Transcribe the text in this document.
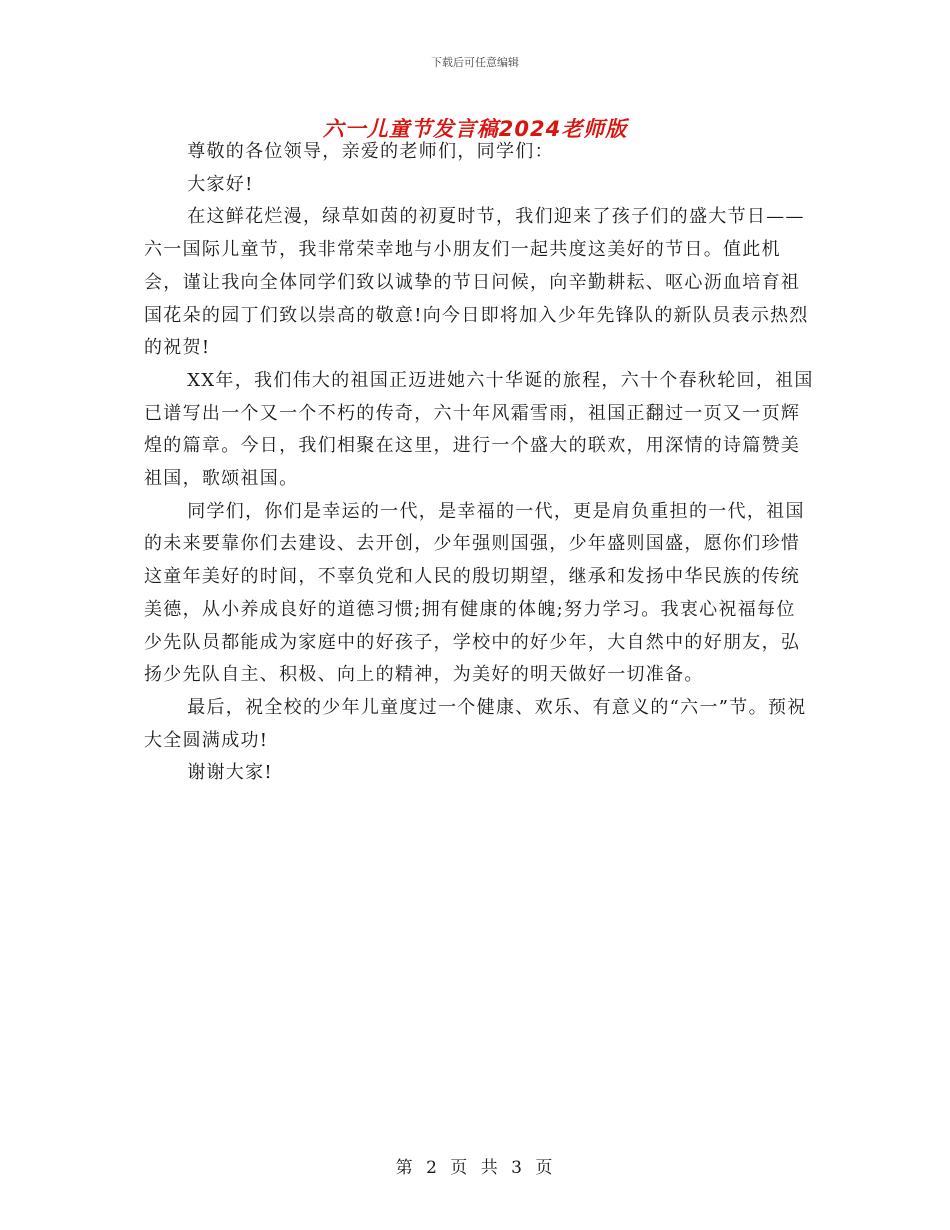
下载后可任意编辑
六一儿童节发言稿2024老师版

尊敬的各位领导，亲爱的老师们，同学们：

大家好!

在这鲜花烂漫，绿草如茵的初夏时节，我们迎来了孩子们的盛大节日——六一国际儿童节，我非常荣幸地与小朋友们一起共度这美好的节日。值此机会，谨让我向全体同学们致以诚挚的节日问候，向辛勤耕耘、呕心沥血培育祖国花朵的园丁们致以崇高的敬意!向今日即将加入少年先锋队的新队员表示热烈的祝贺!

XX年，我们伟大的祖国正迈进她六十华诞的旅程，六十个春秋轮回，祖国已谱写出一个又一个不朽的传奇，六十年风霜雪雨，祖国正翻过一页又一页辉煌的篇章。今日，我们相聚在这里，进行一个盛大的联欢，用深情的诗篇赞美祖国，歌颂祖国。

同学们，你们是幸运的一代，是幸福的一代，更是肩负重担的一代，祖国的未来要靠你们去建设、去开创，少年强则国强，少年盛则国盛，愿你们珍惜这童年美好的时间，不辜负党和人民的殷切期望，继承和发扬中华民族的传统美德，从小养成良好的道德习惯;拥有健康的体魄;努力学习。我衷心祝福每位少先队员都能成为家庭中的好孩子，学校中的好少年，大自然中的好朋友，弘扬少先队自主、积极、向上的精神，为美好的明天做好一切准备。

最后，祝全校的少年儿童度过一个健康、欢乐、有意义的“六一”节。预祝大全圆满成功!

谢谢大家!

第 2 页 共 3 页
